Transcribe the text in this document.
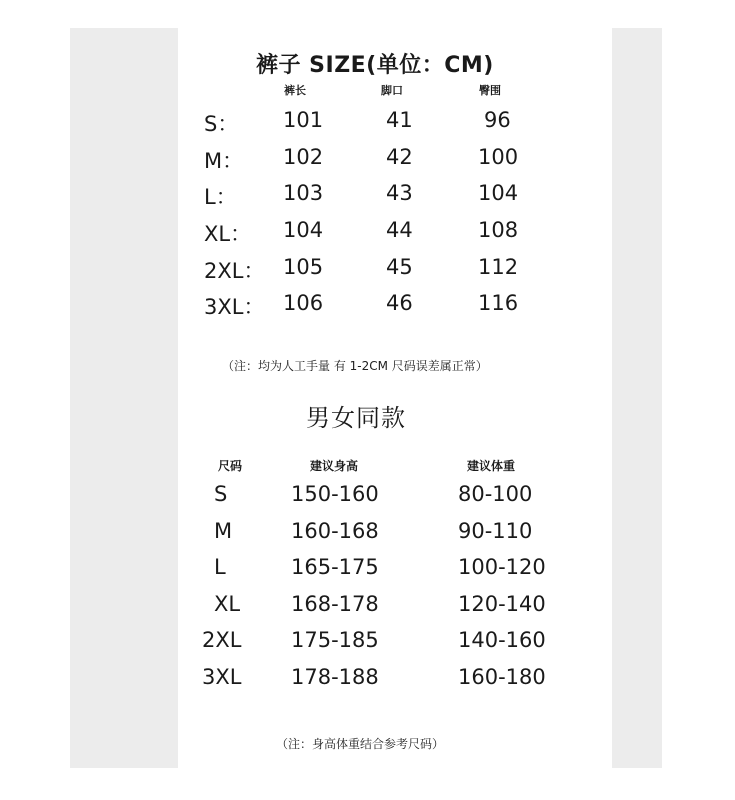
裤子 SIZE(单位：CM)
裤长	脚口	臀围
S： 101	41	96
M： 102	42	100
L： 103	43	104
XL： 104	44	108
2XL： 105	45	112
3XL： 106	46	116
（注：均为人工手量 有 1-2CM 尺码误差属正常）
男女同款
尺码	建议身高	建议体重
S	150-160	80-100
M	160-168	90-110
L	165-175	100-120
XL 168-178	120-140
2XL 175-185	140-160
3XL 178-188	160-180
（注：身高体重结合参考尺码）
